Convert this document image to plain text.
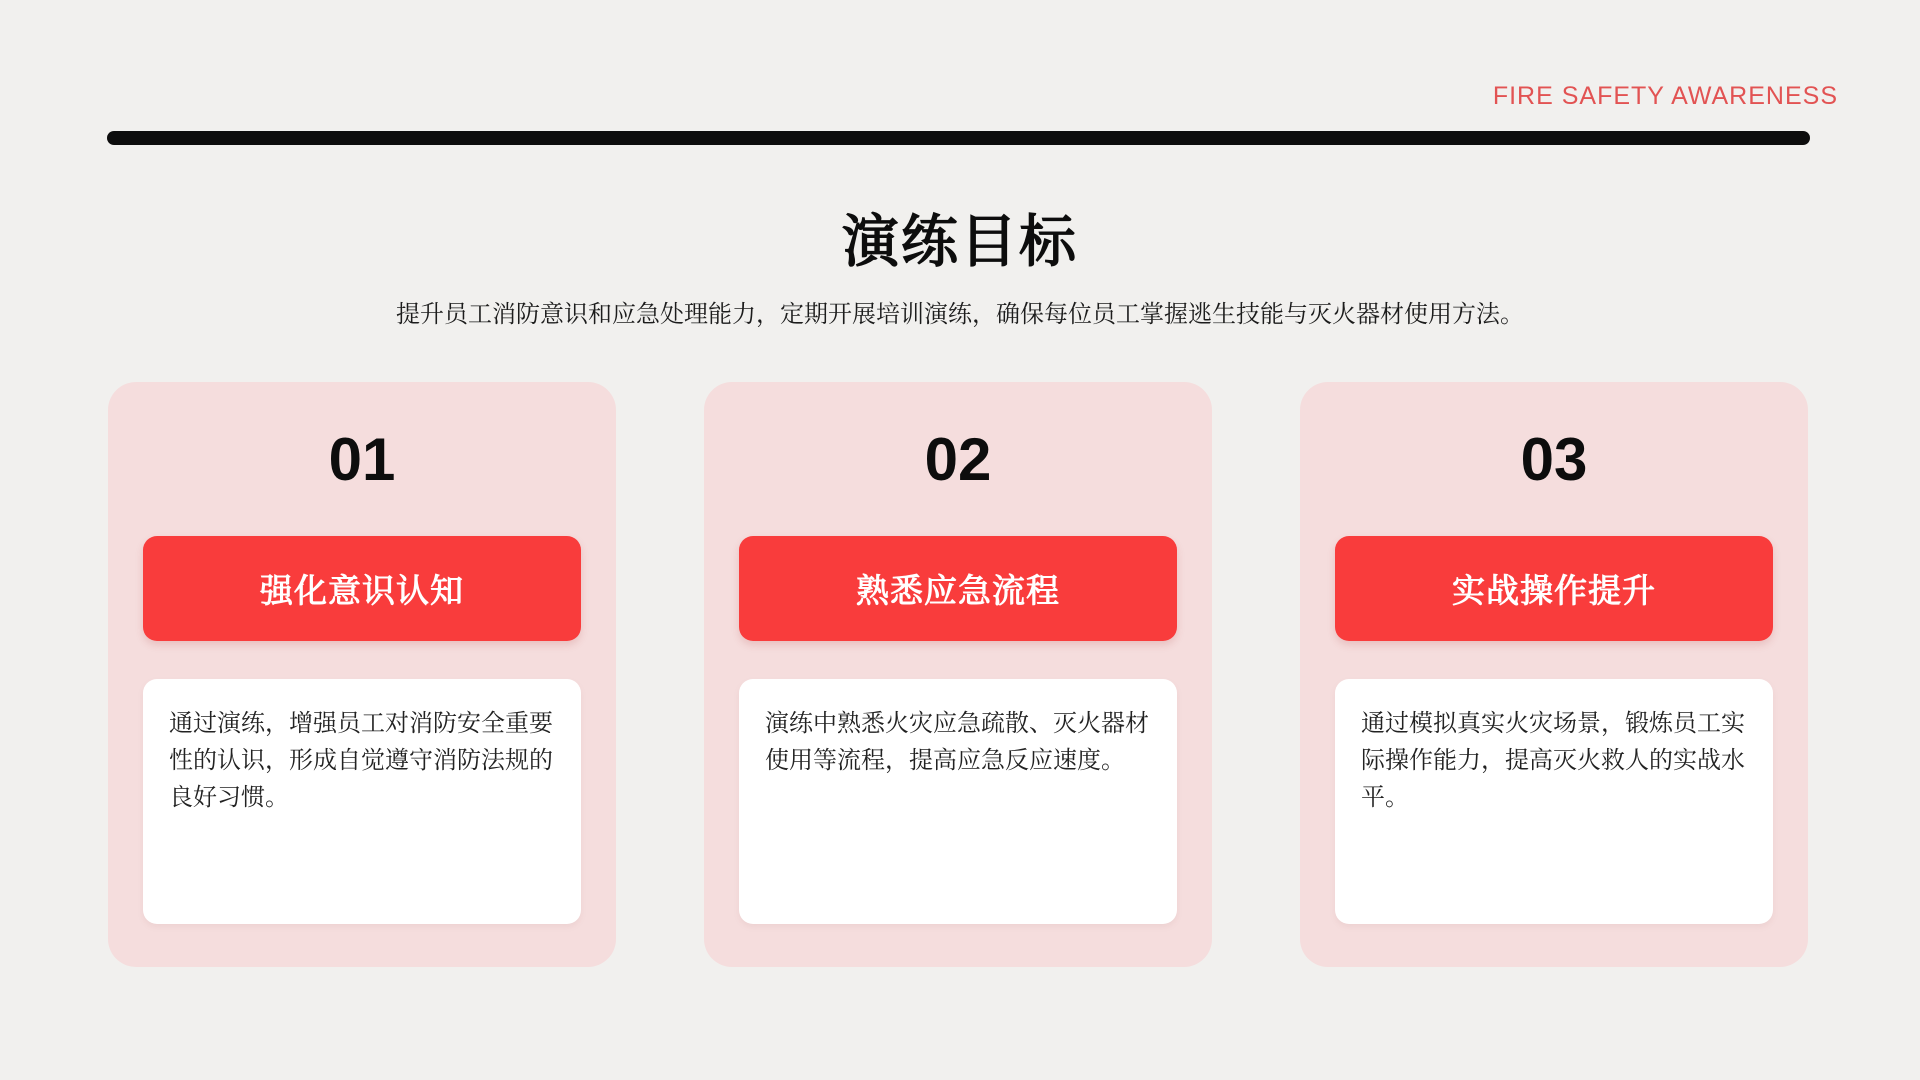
FIRE SAFETY AWARENESS
演练目标

提升员工消防意识和应急处理能力，定期开展培训演练，确保每位员工掌握逃生技能与灭火器材使用方法。

01
强化意识认知
通过演练，增强员工对消防安全重要性的认识，形成自觉遵守消防法规的良好习惯。
02
熟悉应急流程
演练中熟悉火灾应急疏散、灭火器材使用等流程，提高应急反应速度。
03
实战操作提升
通过模拟真实火灾场景，锻炼员工实际操作能力，提高灭火救人的实战水平。
